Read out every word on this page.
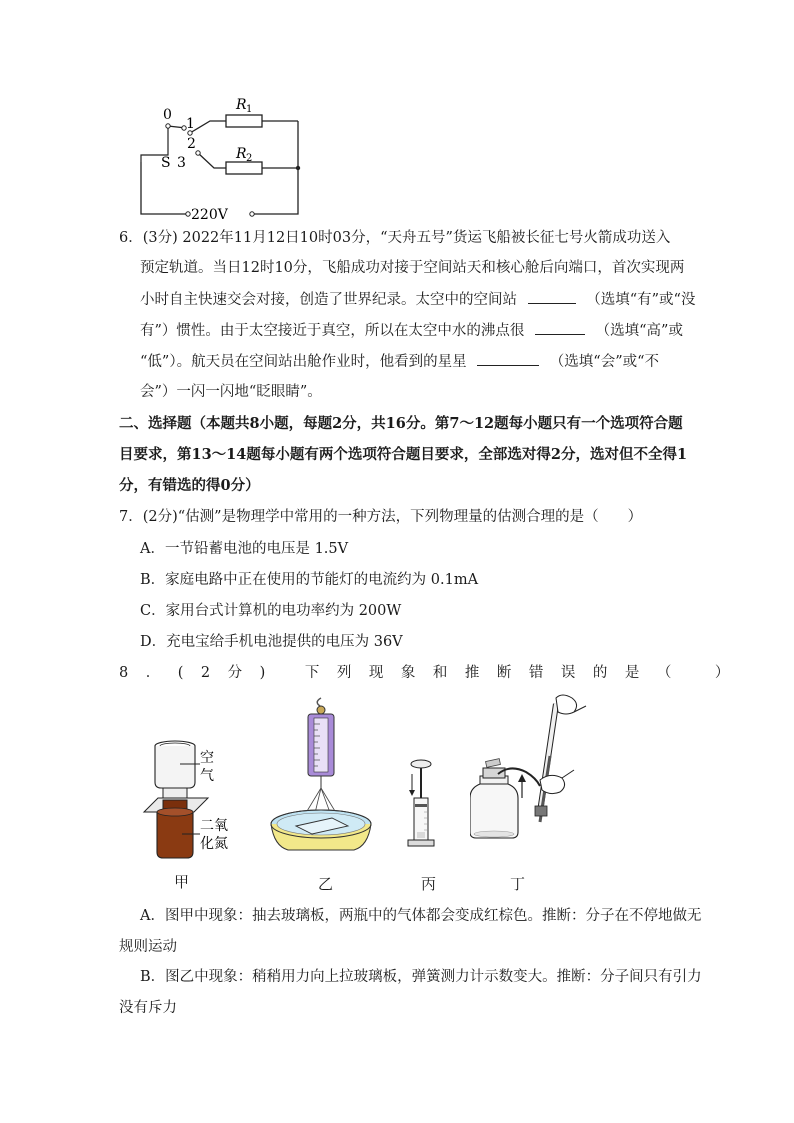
0
1
2
3
S
R 1
R 2
220V
6．(3分) 2022年11月12日10时03分，“天舟五号”货运飞船被长征七号火箭成功送入
预定轨道。当日12时10分，飞船成功对接于空间站天和核心舱后向端口，首次实现两
小时自主快速交会对接，创造了世界纪录。太空中的空间站	（选填“有”或“没
有”）惯性。由于太空接近于真空，所以在太空中水的沸点很	（选填“高”或
“低”）。航天员在空间站出舱作业时，他看到的星星	（选填“会”或“不
会”）一闪一闪地“眨眼睛”。
二、选择题（本题共8小题，每题2分，共16分。第7～12题每小题只有一个选项符合题
目要求，第13～14题每小题有两个选项符合题目要求，全部选对得2分，选对但不全得1
分，有错选的得0分）
7．(2分)“估测”是物理学中常用的一种方法，下列物理量的估测合理的是（　　）
A．一节铅蓄电池的电压是 1.5V
B．家庭电路中正在使用的节能灯的电流约为 0.1mA
C．家用台式计算机的电功率约为 200W
D．充电宝给手机电池提供的电压为 36V
8．(2分) 下列现象和推断错误的是（　　　）
空
气
二氧
化氮
甲	乙	丙	丁
A．图甲中现象：抽去玻璃板，两瓶中的气体都会变成红棕色。推断：分子在不停地做无
规则运动
B．图乙中现象：稍稍用力向上拉玻璃板，弹簧测力计示数变大。推断：分子间只有引力
没有斥力
